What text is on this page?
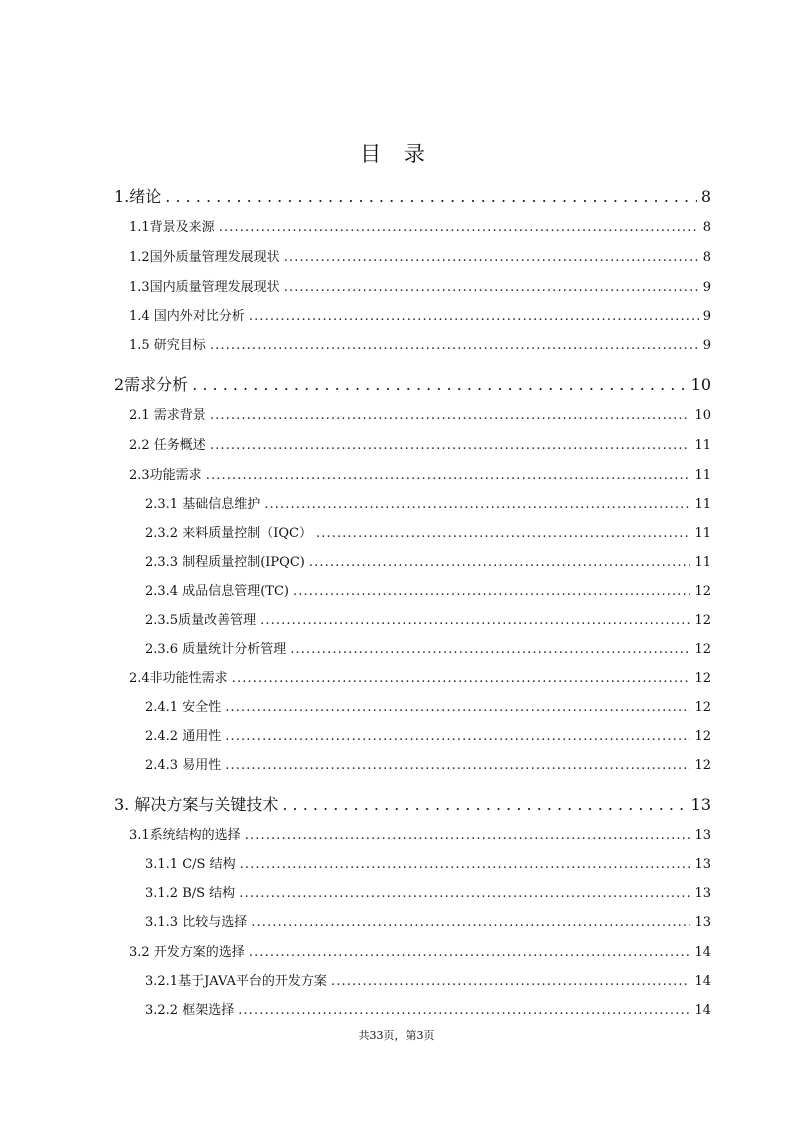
目 录
1.绪论 . . .	8
1.1背景及来源 . . .	8
1.2国外质量管理发展现状 . . .	8
1.3国内质量管理发展现状 . . .	9
1.4 国内外对比分析 . . .	9
1.5 研究目标 . . .	9
2需求分析 . . .	10
2.1 需求背景 . . .	10
2.2 任务概述 . . .	11
2.3功能需求 . . .	11
2.3.1 基础信息维护 . . .	11
2.3.2 来料质量控制（IQC） . . .	11
2.3.3 制程质量控制(IPQC) . . .	11
2.3.4 成品信息管理(TC) . . .	12
2.3.5质量改善管理 . . .	12
2.3.6 质量统计分析管理 . . .	12
2.4非功能性需求 . . .	12
2.4.1 安全性 . . .	12
2.4.2 通用性 . . .	12
2.4.3 易用性 . . .	12
3. 解决方案与关键技术 . . .	13
3.1系统结构的选择 . . .	13
3.1.1 C/S 结构 . . .	13
3.1.2 B/S 结构 . . .	13
3.1.3 比较与选择 . . .	13
3.2 开发方案的选择 . . .	14
3.2.1基于JAVA平台的开发方案 . . .	14
3.2.2 框架选择 . . .	14
共33页，第3页
